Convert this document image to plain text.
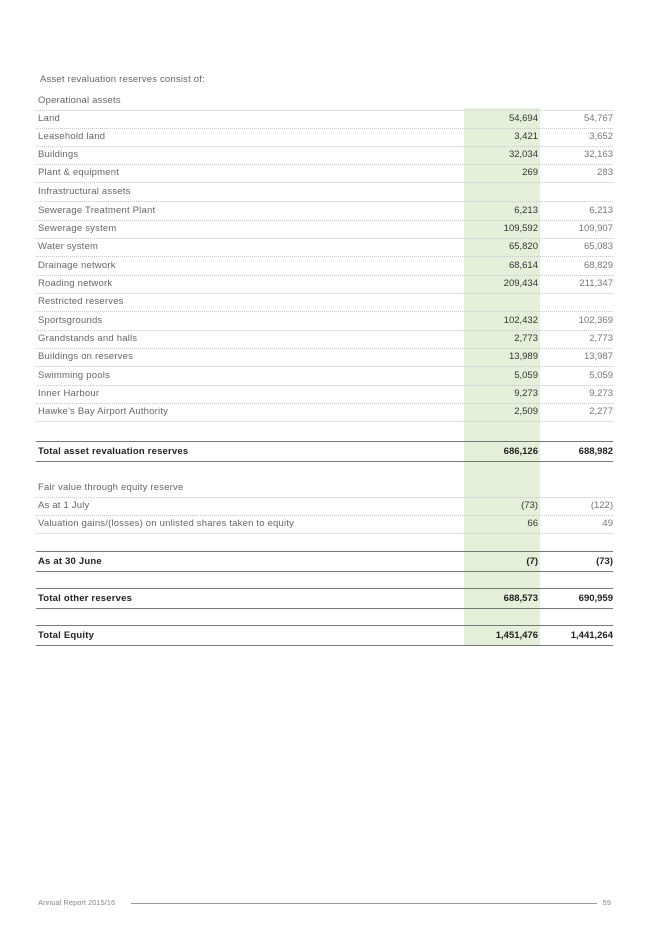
Asset revaluation reserves consist of:
Operational assets
Land	54,694	54,767
Leasehold land	3,421	3,652
Buildings	32,034	32,163
Plant & equipment	269	283
Infrastructural assets
Sewerage Treatment Plant	6,213	6,213
Sewerage system	109,592	109,907
Water system	65,820	65,083
Drainage network	68,614	68,829
Roading network	209,434	211,347
Restricted reserves
Sportsgrounds	102,432	102,369
Grandstands and halls	2,773	2,773
Buildings on reserves	13,989	13,987
Swimming pools	5,059	5,059
Inner Harbour	9,273	9,273
Hawke's Bay Airport Authority	2,509	2,277
Total asset revaluation reserves	686,126	688,982
Fair value through equity reserve
As at 1 July	(73)	(122)
Valuation gains/(losses) on unlisted shares taken to equity	66	49
As at 30 June	(7)	(73)
Total other reserves	688,573	690,959
Total Equity	1,451,476	1,441,264
Annual Report 2015/16	59
